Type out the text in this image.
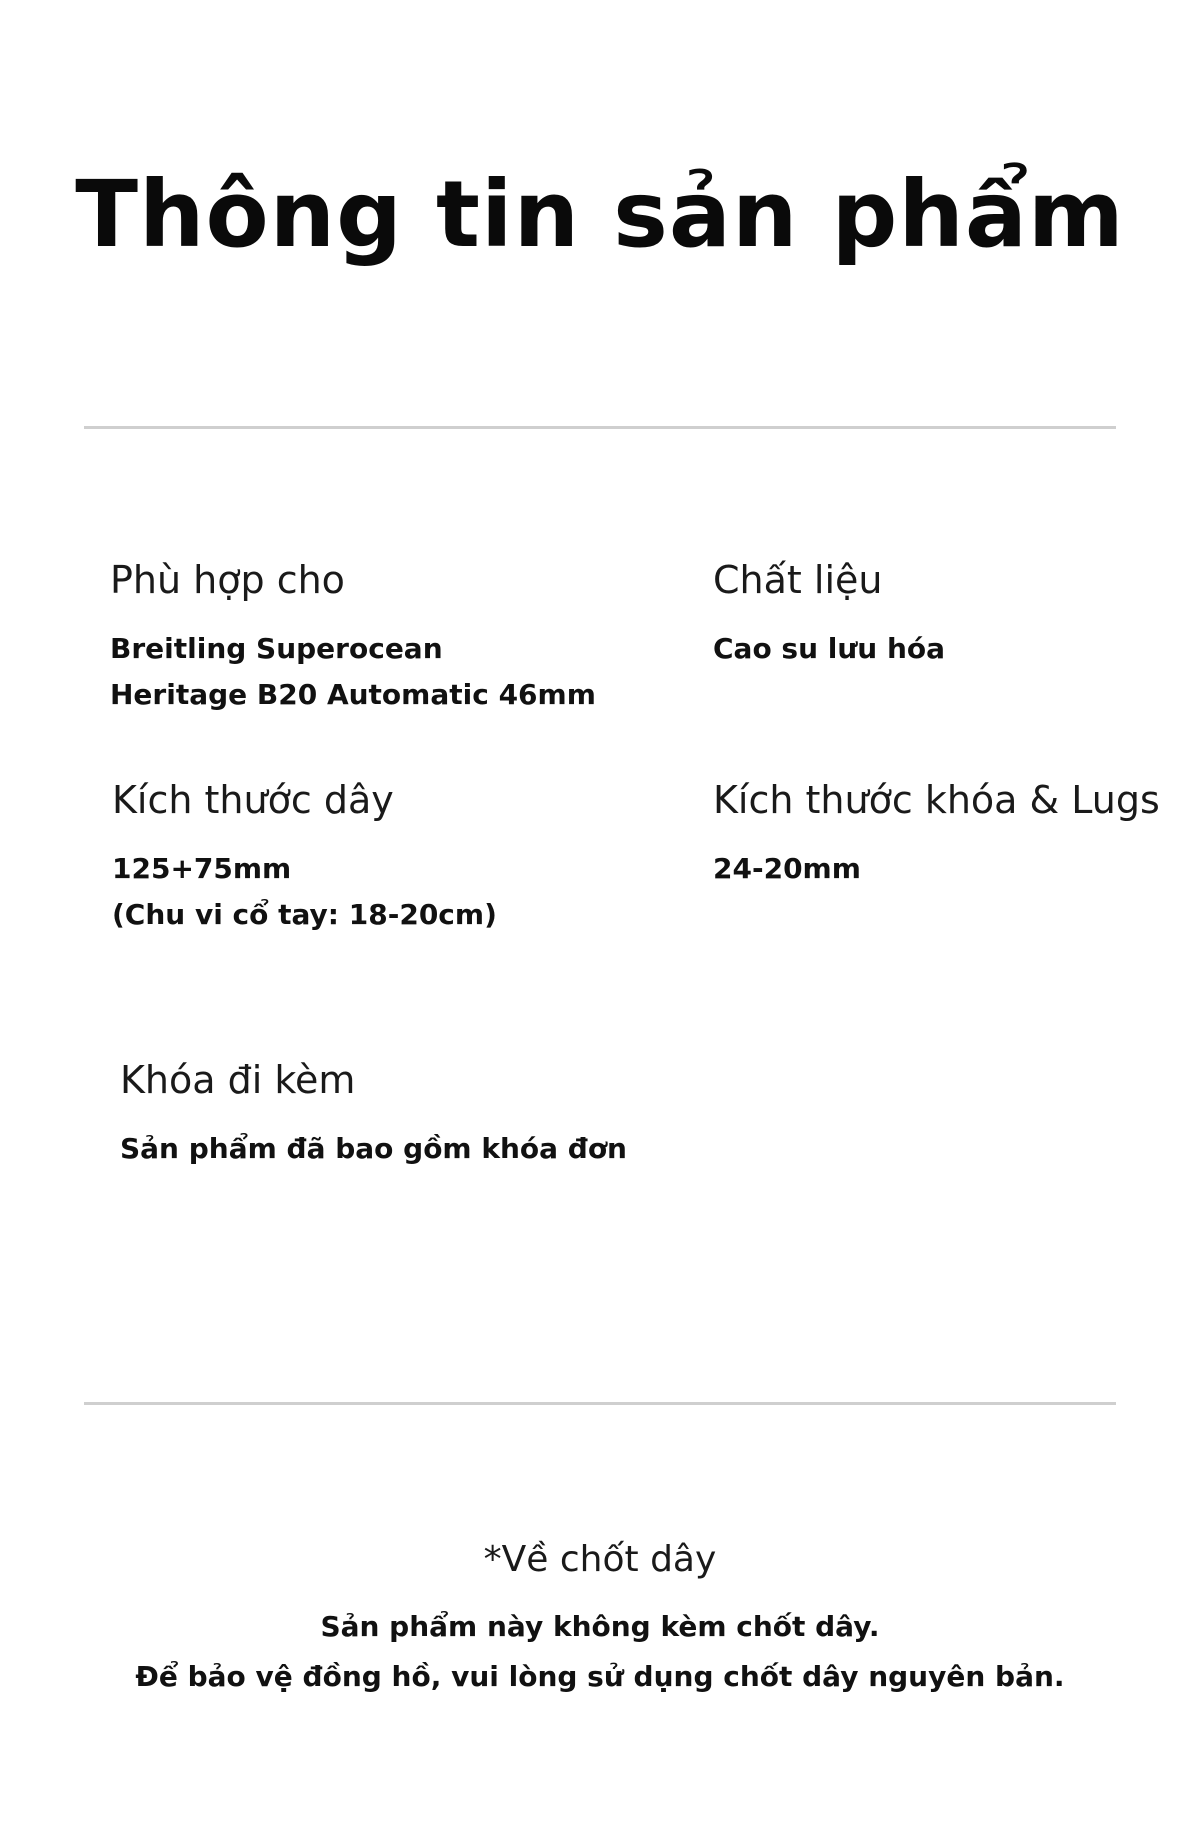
Thông tin sản phẩm
Phù hợp cho
Breitling Superocean
Heritage B20 Automatic 46mm
Chất liệu
Cao su lưu hóa
Kích thước dây
125+75mm
(Chu vi cổ tay: 18-20cm)
Kích thước khóa & Lugs
24-20mm
Khóa đi kèm
Sản phẩm đã bao gồm khóa đơn
*Về chốt dây
Sản phẩm này không kèm chốt dây.
Để bảo vệ đồng hồ, vui lòng sử dụng chốt dây nguyên bản.
